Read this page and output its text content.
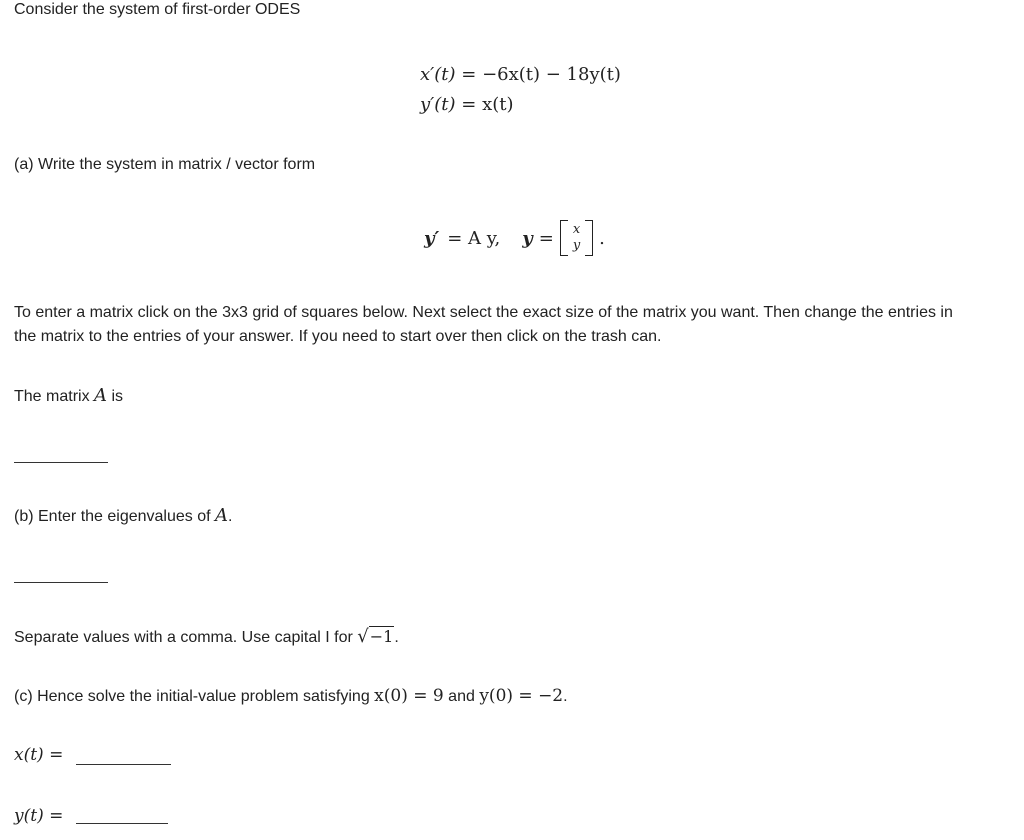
Consider the system of first-order ODES
x′(t) = −6x(t) − 18y(t)
y′(t) = x(t)
(a) Write the system in matrix / vector form
y′ = A y, y = x
y .
To enter a matrix click on the 3x3 grid of squares below. Next select the exact size of the matrix you want. Then change the entries in
the matrix to the entries of your answer. If you need to start over then click on the trash can.
The matrix A is
(b) Enter the eigenvalues of A.
Separate values with a comma. Use capital I for √−1.
(c) Hence solve the initial-value problem satisfying x(0) = 9 and y(0) = −2.
x(t) =
y(t) =
